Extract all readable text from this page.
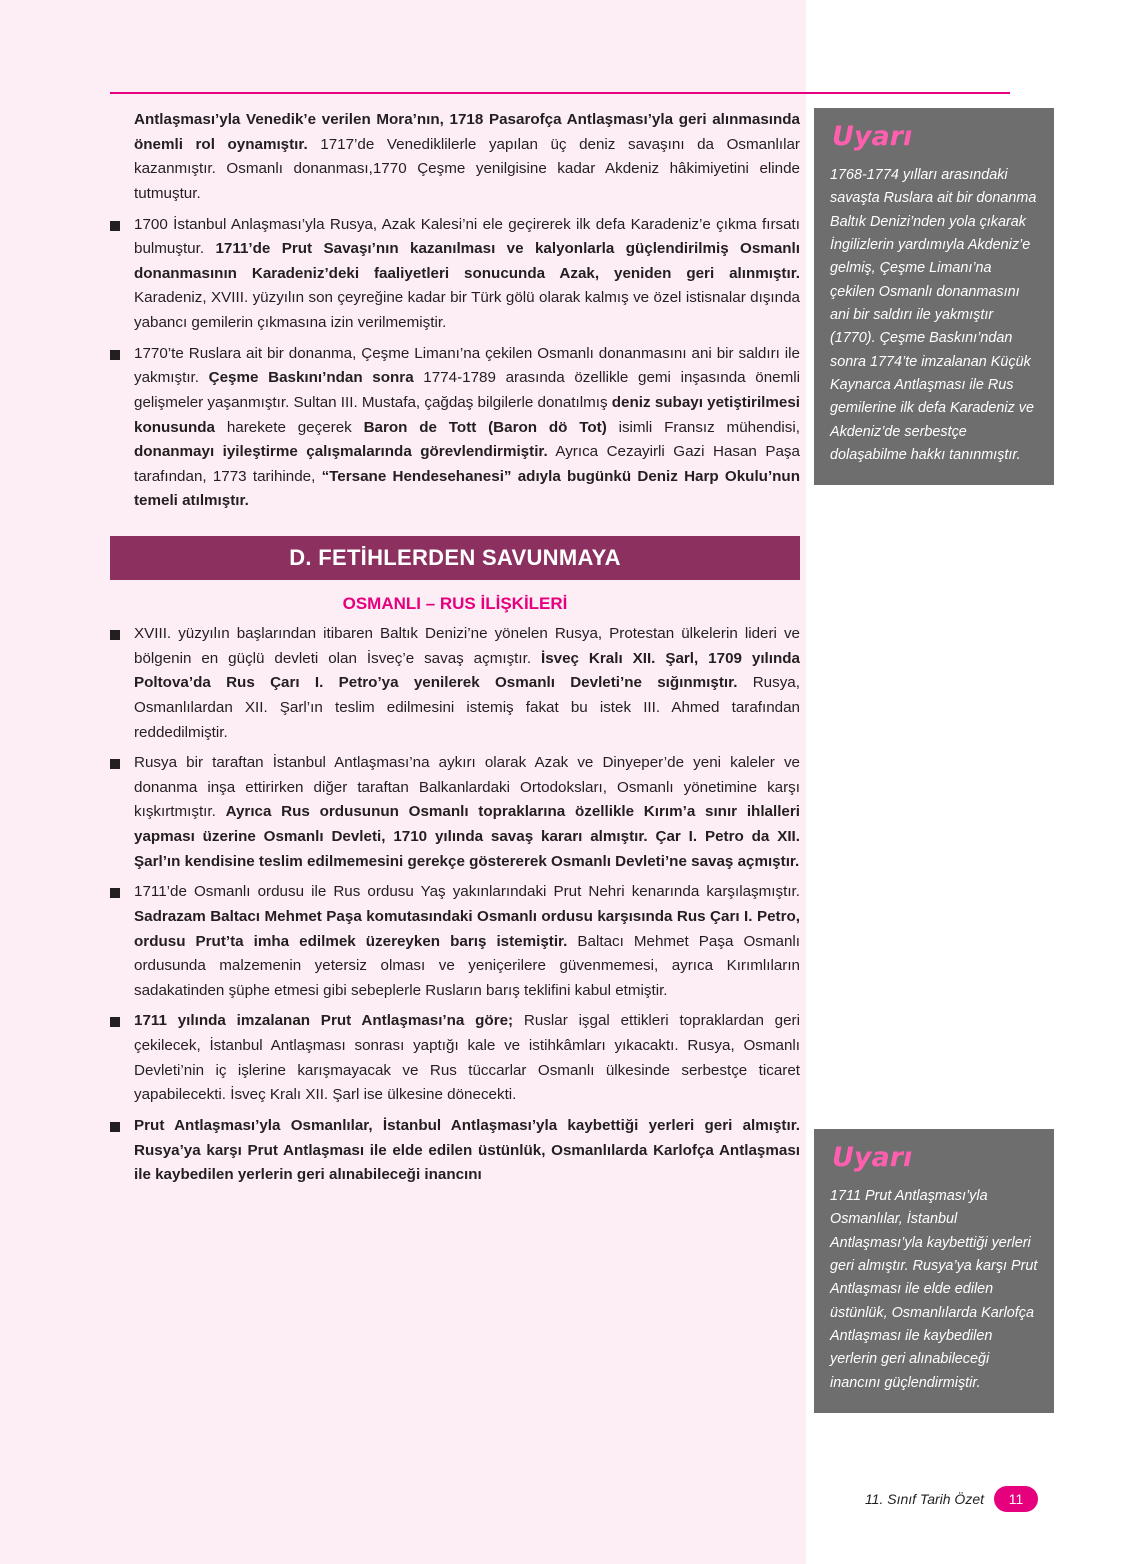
Antlaşması’yla Venedik’e verilen Mora’nın, 1718 Pasarofça Antlaşması’yla geri alınmasında önemli rol oynamıştır. 1717’de Venediklilerle yapılan üç deniz savaşını da Osmanlılar kazanmıştır. Osmanlı donanması,1770 Çeşme yenilgisine kadar Akdeniz hâkimiyetini elinde tutmuştur.

1700 İstanbul Anlaşması’yla Rusya, Azak Kalesi’ni ele geçirerek ilk defa Karadeniz’e çıkma fırsatı bulmuştur. 1711’de Prut Savaşı’nın kazanılması ve kalyonlarla güçlendirilmiş Osmanlı donanmasının Karadeniz’deki faaliyetleri sonucunda Azak, yeniden geri alınmıştır. Karadeniz, XVIII. yüzyılın son çeyreğine kadar bir Türk gölü olarak kalmış ve özel istisnalar dışında yabancı gemilerin çıkmasına izin verilmemiştir.
1770’te Ruslara ait bir donanma, Çeşme Limanı’na çekilen Osmanlı donanmasını ani bir saldırı ile yakmıştır. Çeşme Baskını’ndan sonra 1774-1789 arasında özellikle gemi inşasında önemli gelişmeler yaşanmıştır. Sultan III. Mustafa, çağdaş bilgilerle donatılmış deniz subayı yetiştirilmesi konusunda harekete geçerek Baron de Tott (Baron dö Tot) isimli Fransız mühendisi, donanmayı iyileştirme çalışmalarında görevlendirmiştir. Ayrıca Cezayirli Gazi Hasan Paşa tarafından, 1773 tarihinde, “Tersane Hendesehanesi” adıyla bugünkü Deniz Harp Okulu’nun temeli atılmıştır.
D. FETİHLERDEN SAVUNMAYA
OSMANLI – RUS İLİŞKİLERİ
XVIII. yüzyılın başlarından itibaren Baltık Denizi’ne yönelen Rusya, Protestan ülkelerin lideri ve bölgenin en güçlü devleti olan İsveç’e savaş açmıştır. İsveç Kralı XII. Şarl, 1709 yılında Poltova’da Rus Çarı I. Petro’ya yenilerek Osmanlı Devleti’ne sığınmıştır. Rusya, Osmanlılardan XII. Şarl’ın teslim edilmesini istemiş fakat bu istek III. Ahmed tarafından reddedilmiştir.
Rusya bir taraftan İstanbul Antlaşması’na aykırı olarak Azak ve Dinyeper’de yeni kaleler ve donanma inşa ettirirken diğer taraftan Balkanlardaki Ortodoksları, Osmanlı yönetimine karşı kışkırtmıştır. Ayrıca Rus ordusunun Osmanlı topraklarına özellikle Kırım’a sınır ihlalleri yapması üzerine Osmanlı Devleti, 1710 yılında savaş kararı almıştır. Çar I. Petro da XII. Şarl’ın kendisine teslim edilmemesini gerekçe göstererek Osmanlı Devleti’ne savaş açmıştır.
1711’de Osmanlı ordusu ile Rus ordusu Yaş yakınlarındaki Prut Nehri kenarında karşılaşmıştır. Sadrazam Baltacı Mehmet Paşa komutasındaki Osmanlı ordusu karşısında Rus Çarı I. Petro, ordusu Prut’ta imha edilmek üzereyken barış istemiştir. Baltacı Mehmet Paşa Osmanlı ordusunda malzemenin yetersiz olması ve yeniçerilere güvenmemesi, ayrıca Kırımlıların sadakatinden şüphe etmesi gibi sebeplerle Rusların barış teklifini kabul etmiştir.
1711 yılında imzalanan Prut Antlaşması’na göre; Ruslar işgal ettikleri topraklardan geri çekilecek, İstanbul Antlaşması sonrası yaptığı kale ve istihkâmları yıkacaktı. Rusya, Osmanlı Devleti’nin iç işlerine karışmayacak ve Rus tüccarlar Osmanlı ülkesinde serbestçe ticaret yapabilecekti. İsveç Kralı XII. Şarl ise ülkesine dönecekti.
Prut Antlaşması’yla Osmanlılar, İstanbul Antlaşması’yla kaybettiği yerleri geri almıştır. Rusya’ya karşı Prut Antlaşması ile elde edilen üstünlük, Osmanlılarda Karlofça Antlaşması ile kaybedilen yerlerin geri alınabileceği inancını
Uyarı
1768-1774 yılları arasındaki savaşta Ruslara ait bir donanma Baltık Denizi’nden yola çıkarak İngilizlerin yardımıyla Akdeniz’e gelmiş, Çeşme Limanı’na çekilen Osmanlı donanmasını ani bir saldırı ile yakmıştır (1770). Çeşme Baskını’ndan sonra 1774’te imzalanan Küçük Kaynarca Antlaşması ile Rus gemilerine ilk defa Karadeniz ve Akdeniz’de serbestçe dolaşabilme hakkı tanınmıştır.
Uyarı
1711 Prut Antlaşması’yla Osmanlılar, İstanbul Antlaşması’yla kaybettiği yerleri geri almıştır. Rusya’ya karşı Prut Antlaşması ile elde edilen üstünlük, Osmanlılarda Karlofça Antlaşması ile kaybedilen yerlerin geri alınabileceği inancını güçlendirmiştir.
11. Sınıf Tarih Özet	11
